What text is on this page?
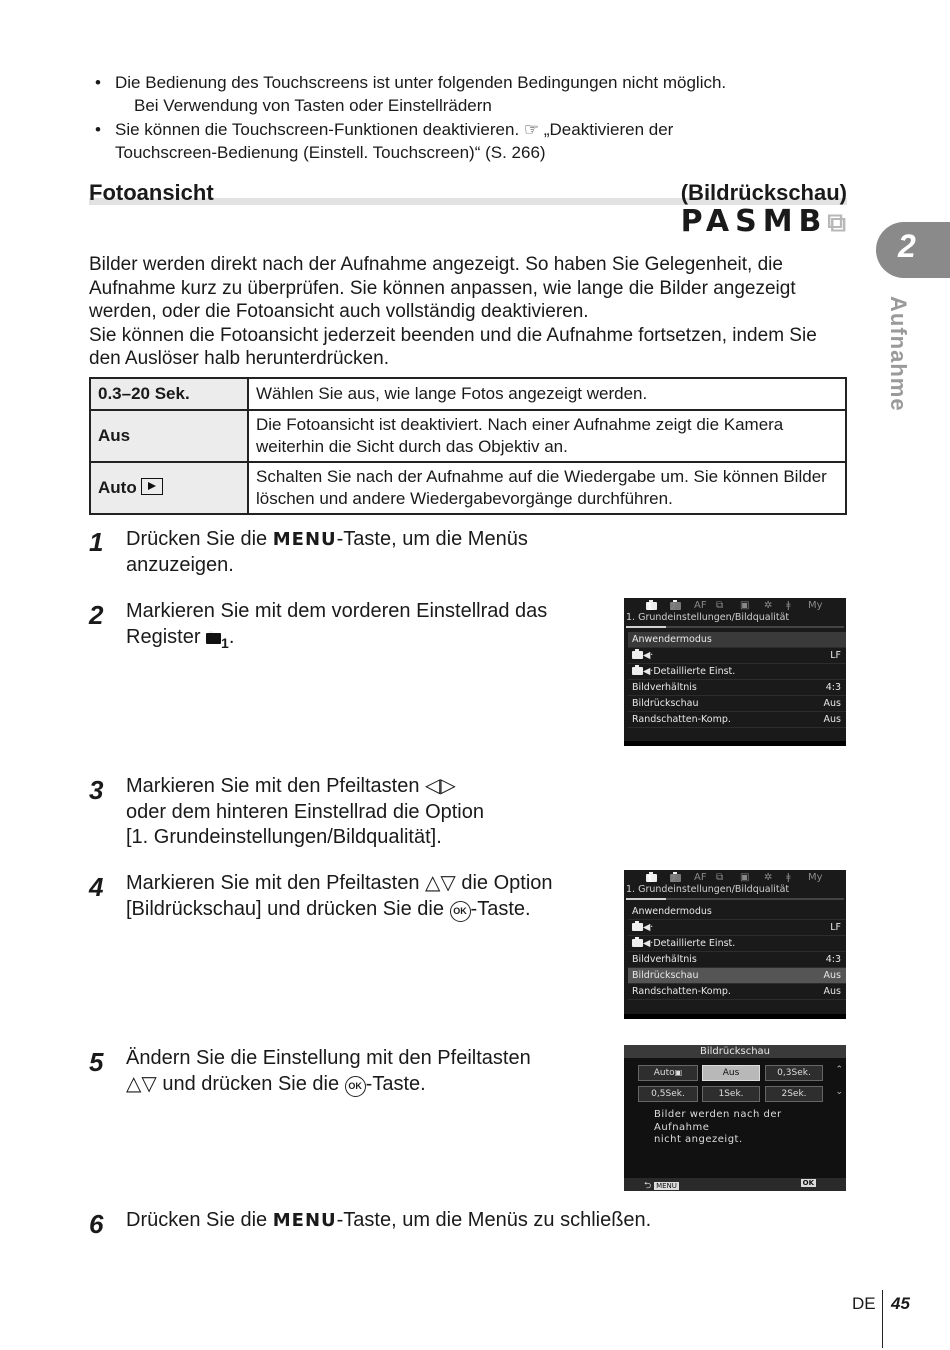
• Die Bedienung des Touchscreens ist unter folgenden Bedingungen nicht möglich.
Bei Verwendung von Tasten oder Einstellrädern
• Sie können die Touchscreen-Funktionen deaktivieren. ☞ „Deaktivieren der
Touchscreen-Bedienung (Einstell. Touchscreen)“ (S. 266)
Fotoansicht	(Bildrückschau)
PASMB⧉
Bilder werden direkt nach der Aufnahme angezeigt. So haben Sie Gelegenheit, die Aufnahme kurz zu überprüfen. Sie können anpassen, wie lange die Bilder angezeigt werden, oder die Fotoansicht auch vollständig deaktivieren.
Sie können die Fotoansicht jederzeit beenden und die Aufnahme fortsetzen, indem Sie den Auslöser halb herunterdrücken.
0.3–20 Sek.	Wählen Sie aus, wie lange Fotos angezeigt werden.
Aus	Die Fotoansicht ist deaktiviert. Nach einer Aufnahme zeigt die Kamera weiterhin die Sicht durch das Objektiv an.
Auto	Schalten Sie nach der Aufnahme auf die Wiedergabe um. Sie können Bilder löschen und andere Wiedergabevorgänge durchführen.
1 Drücken Sie die MENU-Taste, um die Menüs
anzuzeigen.
2 Markieren Sie mit dem vorderen Einstellrad das
Register $_1$.
1 2 AF ⧉ ▣ ✲ ǂ My
1. Grundeinstellungen/Bildqualität
Anwendermodus
◀·	LF
◀·Detaillierte Einst.
Bildverhältnis	4:3
Bildrückschau	Aus
Randschatten-Komp.	Aus
3 Markieren Sie mit den Pfeiltasten ◁▷
oder dem hinteren Einstellrad die Option
[1. Grundeinstellungen/Bildqualität].
4 Markieren Sie mit den Pfeiltasten △▽ die Option
[Bildrückschau] und drücken Sie die OK -Taste.
1 2 AF ⧉ ▣ ✲ ǂ My
1. Grundeinstellungen/Bildqualität
Anwendermodus
◀·	LF
◀·Detaillierte Einst.
Bildverhältnis	4:3
Bildrückschau	Aus
Randschatten-Komp.	Aus
5 Ändern Sie die Einstellung mit den Pfeiltasten
△▽ und drücken Sie die OK -Taste.
Bildrückschau
Auto▣	Aus	0,3Sek.
0,5Sek.	1Sek.	2Sek.
⌃
⌄
Bilder werden nach der
Aufnahme
nicht angezeigt.
⮌ MENU	OK
6 Drücken Sie die MENU-Taste, um die Menüs zu schließen.
2
Aufnahme
DE 45
